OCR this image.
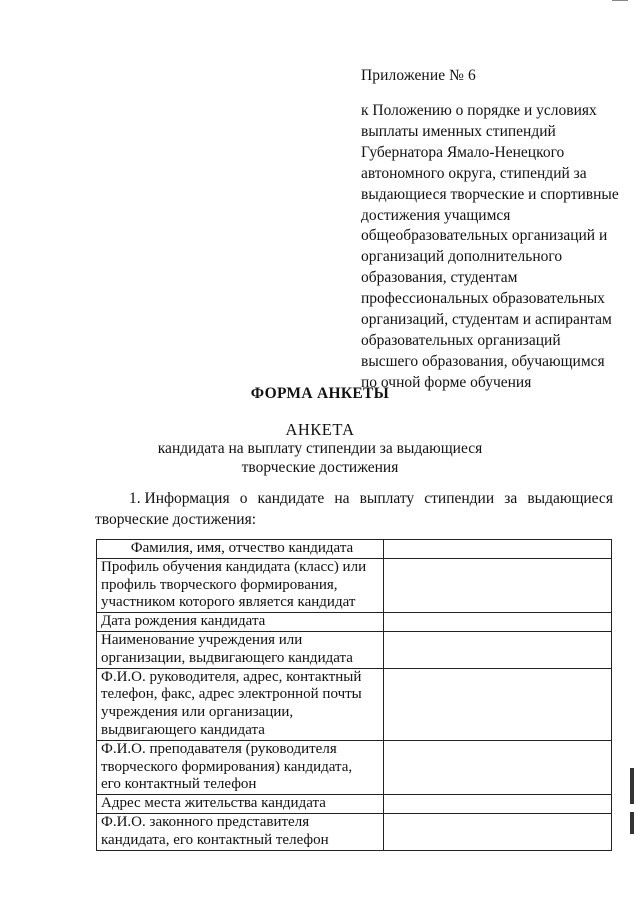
Приложение № 6
к Положению о порядке и условиях
выплаты именных стипендий
Губернатора Ямало-Ненецкого
автономного округа, стипендий за
выдающиеся творческие и спортивные
достижения учащимся
общеобразовательных организаций и
организаций дополнительного
образования, студентам
профессиональных образовательных
организаций, студентам и аспирантам
образовательных организаций
высшего образования, обучающимся
по очной форме обучения
ФОРМА АНКЕТЫ
АНКЕТА
кандидата на выплату стипендии за выдающиеся
творческие достижения
1. Информация о кандидате на выплату стипендии за выдающиеся
творческие достижения:
Фамилия, имя, отчество кандидата	

Профиль обучения кандидата (класс) или
профиль творческого формирования,
участником которого является кандидат	

Дата рождения кандидата	

Наименование учреждения или
организации, выдвигающего кандидата	

Ф.И.О. руководителя, адрес, контактный
телефон, факс, адрес электронной почты
учреждения или организации,
выдвигающего кандидата	

Ф.И.О. преподавателя (руководителя
творческого формирования) кандидата,
его контактный телефон	

Адрес места жительства кандидата	

Ф.И.О. законного представителя
кандидата, его контактный телефон	
